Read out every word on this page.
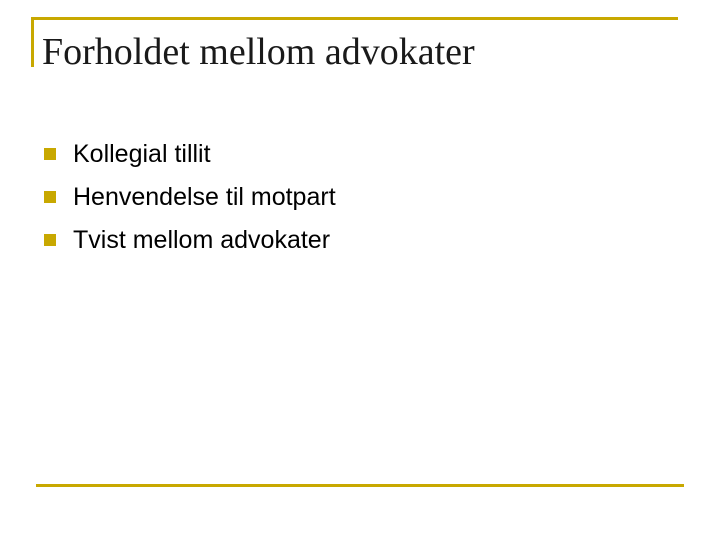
Forholdet mellom advokater
Kollegial tillit
Henvendelse til motpart
Tvist mellom advokater
